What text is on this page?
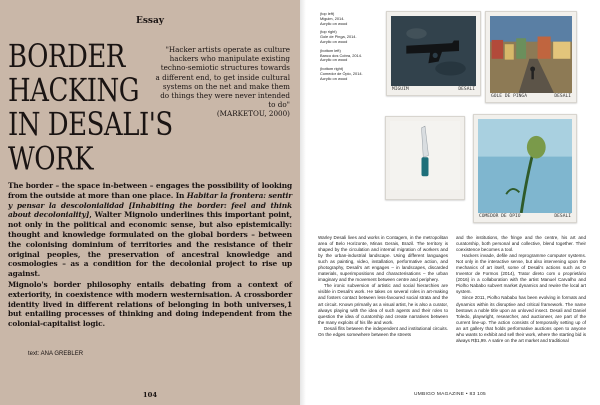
Essay
BORDER
HACKING
IN DESALI'S
WORK
"Hacker artists operate as culture hackers who manipulate existing techno-semiotic structures towards a different end, to get inside cultural systems on the net and make them do things they were never intended to do"
(MARKETOU, 2000)

The border – the space in-between – engages the possibility of looking from the outside at more than one place. In Habitar la frontera: sentir y pensar la descolonialidad [Inhabiting the border: feel and think about decoloniality], Walter Mignolo underlines this important point, not only in the political and economic sense, but also epistemically: thought and knowledge formulated on the global borders – between the colonising dominium of territories and the resistance of their original peoples, the preservation of ancestral knowledge and cosmologies – as a condition for the decolonial project to rise up against.

Mignolo's border philosophy entails debating from a context of exteriority, in coexistence with modern westernisation. A crossborder identity lived in different relations of belonging in both universes,1 but entailing processes of thinking and doing independent from the colonial-capitalist logic.

text: ANA GREBLER
104
(top left)
Miguim, 2014.
Acrylic on wood
(top right)
Gole de Pinga, 2014.
Acrylic on wood
(bottom left)
Banco dos Cobra, 2014.
Acrylic on wood
(bottom right)
Comedor de Ópio, 2014.
Acrylic on wood
MIGUIM	DESALI
GOLE DE PINGA	DESALI
COMEDOR DE ÓPIO	DESALI

Warley Desali lives and works in Contagem, in the metropolitan area of Belo Horizonte, Minas Gerais, Brazil. The territory is shaped by the circulation and internal migration of workers and by the urban-industrial landscape. Using different languages such as painting, video, installation, performative action, and photography, Desali's art engages – in landscapes, discarded materials, superimpositions and characterisations – the urban imaginary and the movement between centre and periphery.

The ironic subversion of artistic and social hierarchies are visible in Desali's work. He takes on several roles in art-making and fosters contact between less-favoured social strata and the art circuit. Known primarily as a visual artist, he is also a curator, always playing with the idea of such agents and their roles to question the idea of curatorship and create narratives between the many exploits of his life and work.

Desali flits between the independent and institutional circuits. On the edges somewhere between the streets

and the institutions, the fringe and the centre, his art and curatorship, both personal and collective, blend together. Their coexistence becomes a tool.

Hackers invade, defile and reprogramme computer systems. Not only in the interactive sense, but also intervening upon the mechanics of art itself, some of Desali's actions such as O Inventor de Formos (2014), Trator direto com o proprietário (2016) in a collaboration with the artist Manuel Carvalho and Piolho Nababo subvert market dynamics and rewire the local art system.

Since 2011, Piolho Nababo has been evolving in formats and dynamics within its disruptive and critical framework. The name bestows a noble title upon an unloved insect. Desali and Daniel Toledo, playwright, researcher, and auctioneer, are part of the current line-up. The action consists of temporarily setting up of an art gallery that holds performative auctions open to anyone who wants to exhibit and sell their work, where the starting bid is always R$1,99. A satire on the art market and traditional

UMBIGO MAGAZINE • 83 105
